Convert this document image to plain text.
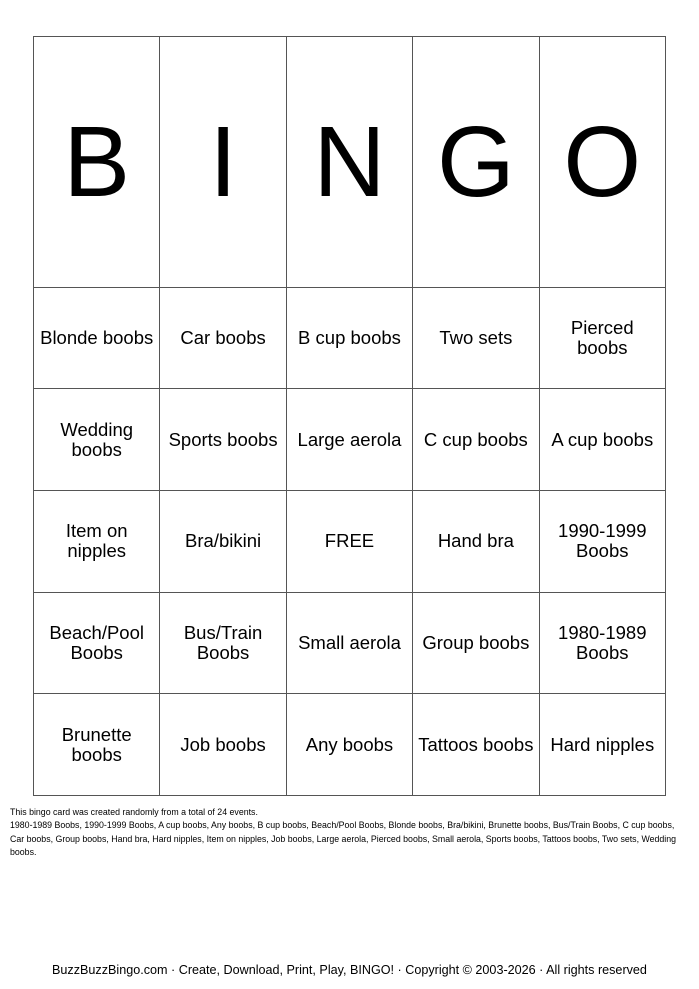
B	I	N	G	O
Blonde boobs	Car boobs	B cup boobs	Two sets	Pierced boobs
Wedding boobs	Sports boobs	Large aerola	C cup boobs	A cup boobs
Item on nipples	Bra/bikini	FREE	Hand bra	1990-1999 Boobs
Beach/Pool Boobs	Bus/Train Boobs	Small aerola	Group boobs	1980-1989 Boobs
Brunette boobs	Job boobs	Any boobs	Tattoos boobs	Hard nipples

This bingo card was created randomly from a total of 24 events.

1980-1989 Boobs, 1990-1999 Boobs, A cup boobs, Any boobs, B cup boobs, Beach/Pool Boobs, Blonde boobs, Bra/bikini, Brunette boobs, Bus/Train Boobs, C cup boobs, Car boobs, Group boobs, Hand bra, Hard nipples, Item on nipples, Job boobs, Large aerola, Pierced boobs, Small aerola, Sports boobs, Tattoos boobs, Two sets, Wedding boobs.

BuzzBuzzBingo.com · Create, Download, Print, Play, BINGO! · Copyright © 2003-2026 · All rights reserved
